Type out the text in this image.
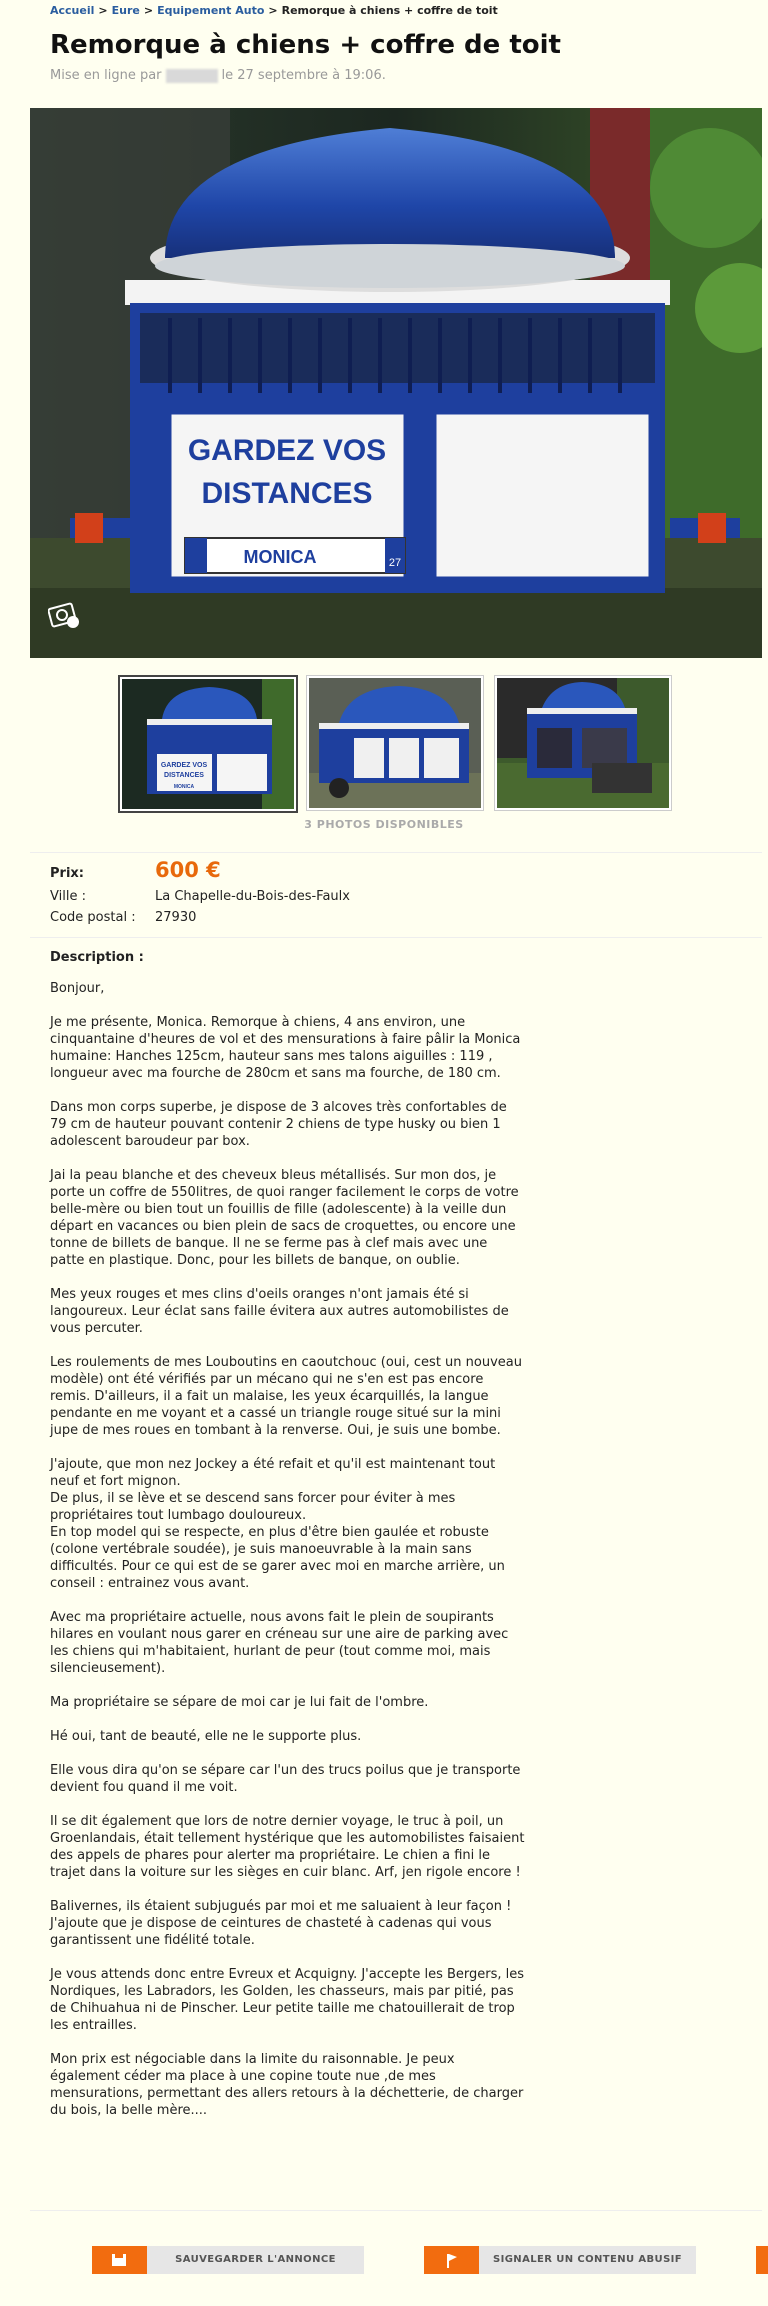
Accueil > Eure > Equipement Auto > Remorque à chiens + coffre de toit
Remorque à chiens + coffre de toit
Mise en ligne par	le 27 septembre à 19:06.
GARDEZ VOS
DISTANCES
MONICA	27
GARDEZ VOS
DISTANCES
MONICA
3 PHOTOS DISPONIBLES
Prix:	600 €
Ville :	La Chapelle-du-Bois-des-Faulx
Code postal : 27930
Description :

Bonjour,

Je me présente, Monica. Remorque à chiens, 4 ans environ, une cinquantaine d'heures de vol et des mensurations à faire pâlir la Monica humaine: Hanches 125cm, hauteur sans mes talons aiguilles : 119 , longueur avec ma fourche de 280cm et sans ma fourche, de 180 cm.

Dans mon corps superbe, je dispose de 3 alcoves très confortables de 79 cm de hauteur pouvant contenir 2 chiens de type husky ou bien 1 adolescent baroudeur par box.

Jai la peau blanche et des cheveux bleus métallisés. Sur mon dos, je porte un coffre de 550litres, de quoi ranger facilement le corps de votre belle-mère ou bien tout un fouillis de fille (adolescente) à la veille dun départ en vacances ou bien plein de sacs de croquettes, ou encore une tonne de billets de banque. Il ne se ferme pas à clef mais avec une patte en plastique. Donc, pour les billets de banque, on oublie.

Mes yeux rouges et mes clins d'oeils oranges n'ont jamais été si langoureux. Leur éclat sans faille évitera aux autres automobilistes de vous percuter.

Les roulements de mes Louboutins en caoutchouc (oui, cest un nouveau modèle) ont été vérifiés par un mécano qui ne s'en est pas encore remis. D'ailleurs, il a fait un malaise, les yeux écarquillés, la langue pendante en me voyant et a cassé un triangle rouge situé sur la mini jupe de mes roues en tombant à la renverse. Oui, je suis une bombe.

J'ajoute, que mon nez Jockey a été refait et qu'il est maintenant tout neuf et fort mignon.
De plus, il se lève et se descend sans forcer pour éviter à mes propriétaires tout lumbago douloureux.
En top model qui se respecte, en plus d'être bien gaulée et robuste (colone vertébrale soudée), je suis manoeuvrable à la main sans difficultés. Pour ce qui est de se garer avec moi en marche arrière, un conseil : entrainez vous avant.

Avec ma propriétaire actuelle, nous avons fait le plein de soupirants hilares en voulant nous garer en créneau sur une aire de parking avec les chiens qui m'habitaient, hurlant de peur (tout comme moi, mais silencieusement).

Ma propriétaire se sépare de moi car je lui fait de l'ombre.

Hé oui, tant de beauté, elle ne le supporte plus.

Elle vous dira qu'on se sépare car l'un des trucs poilus que je transporte devient fou quand il me voit.

Il se dit également que lors de notre dernier voyage, le truc à poil, un Groenlandais, était tellement hystérique que les automobilistes faisaient des appels de phares pour alerter ma propriétaire. Le chien a fini le trajet dans la voiture sur les sièges en cuir blanc. Arf, jen rigole encore !

Balivernes, ils étaient subjugués par moi et me saluaient à leur façon ! J'ajoute que je dispose de ceintures de chasteté à cadenas qui vous garantissent une fidélité totale.

Je vous attends donc entre Evreux et Acquigny. J'accepte les Bergers, les Nordiques, les Labradors, les Golden, les chasseurs, mais par pitié, pas de Chihuahua ni de Pinscher. Leur petite taille me chatouillerait de trop les entrailles.

Mon prix est négociable dans la limite du raisonnable. Je peux également céder ma place à une copine toute nue ,de mes mensurations, permettant des allers retours à la déchetterie, de charger du bois, la belle mère....

SAUVEGARDER L'ANNONCE	SIGNALER UN CONTENU ABUSIF
